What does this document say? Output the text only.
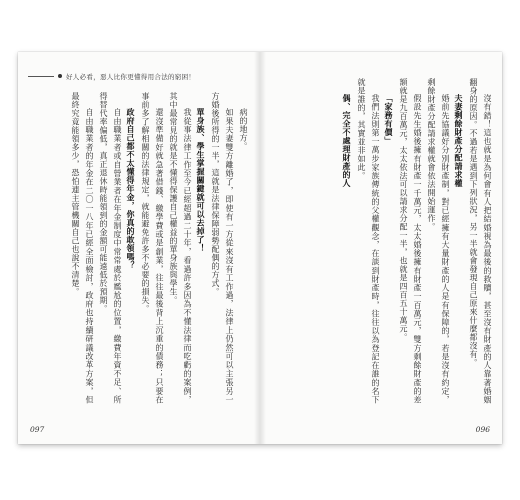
好人必看，惡人比你更懂得用合法的窮困！

病的地方。

如果夫妻雙方離婚了，即使有一方從來沒有工作過，法律上仍然可以主張另一方婚後所得的一半，這就是法律保障弱勢配偶的方式。

單身族、學生掌握關鍵就可以去掉了！

我從事法律工作至今已經超過二十年，看過許多因為不懂法律而吃虧的案例，其中最常見的就是不懂得保護自己權益的單身族與學生。

還沒準備好就急著借錢、繳學費或是創業，往往最後背上沉重的債務；只要在事前多了解相關的法律規定，就能避免許多不必要的損失。

政府自己都不太懂得年金，你真的敢領嗎？

自由職業者或自營業者在年金制度中常常處於尷尬的位置，繳費年資不足、所得替代率偏低，真正退休時能領到的金額可能遠低於預期。

自由職業者的年金在二〇一八年已經全面檢討，政府也持續研議改革方案，但最終究竟能領多少，恐怕連主管機關自己也說不清楚。

097

沒有錯！這也就是為何會有人把結婚視為最後的救贖，甚至沒有財產的人靠著婚姻翻身的原因。不過若是遇到下列狀況，另一半就會發現自己原來什麼都沒有。

夫妻剩餘財產分配請求權

婚前先協議好分別財產制，對已經擁有大量財產的人是有保障的，若是沒有約定，剩餘財產分配請求權就會依法開始運作。

假設先生婚後擁有財產一千萬元，太太婚後擁有財產一百萬元，雙方剩餘財產的差額就是九百萬元，太太依法可以請求分配一半，也就是四百五十萬元。

「家務有價」

我們法則第一萬步家族傳統的父權觀念，在談到財產時，往往以為登記在誰的名下就是誰的，其實並非如此。

偶、完全不處理財產的人

096
